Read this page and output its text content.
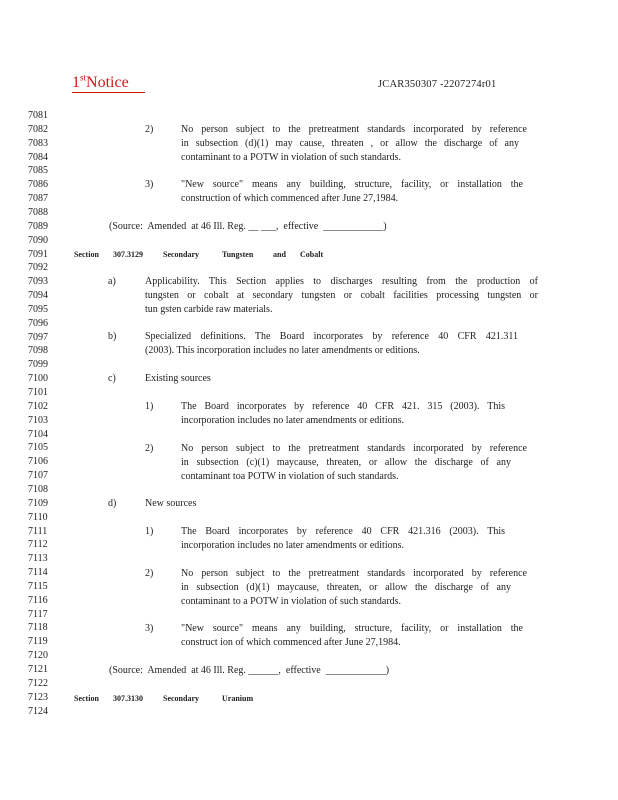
1stNotice	JCAR350307 -2207274r01
7081
7082
7083
7084
7085
7086
7087
7088
7089
7090
7091
7092
7093
7094
7095
7096
7097
7098
7099
7100
7101
7102
7103
7104
7105
7106
7107
7108
7109
7110
7111
7112
7113
7114
7115
7116
7117
7118
7119
7120
7121
7122
7123
7124
2)	No person subject to the pretreatment standards incorporated by reference
in subsection (d)(1) may cause, threaten , or allow the discharge of any
contaminant to a POTW in violation of such standards.
3)	"New source" means any building, structure, facility, or installation the
construction of which commenced after June 27,1984.
(Source:  Amended  at 46 Ill. Reg. __ ___,  effective  ____________)
Section 307.3129	Secondary	Tungsten and Cobalt
a)	Applicability. This Section applies to discharges resulting from the production of
tungsten or cobalt at secondary tungsten or cobalt facilities processing tungsten or
tun gsten carbide raw materials.
b)	Specialized definitions. The Board incorporates by reference 40 CFR 421.311
(2003). This incorporation includes no later amendments or editions.
c)	Existing sources
1)	The Board incorporates by reference 40 CFR 421. 315 (2003). This
incorporation includes no later amendments or editions.
2)	No person subject to the pretreatment standards incorporated by reference
in subsection (c)(1) maycause, threaten, or allow the discharge of any
contaminant toa POTW in violation of such standards.
d)	New sources
1)	The Board incorporates by reference 40 CFR 421.316 (2003). This
incorporation includes no later amendments or editions.
2)	No person subject to the pretreatment standards incorporated by reference
in subsection (d)(1) maycause, threaten, or allow the discharge of any
contaminant to a POTW in violation of such standards.
3)	"New source" means any building, structure, facility, or installation the
construct ion of which commenced after June 27,1984.
(Source:  Amended  at 46 Ill. Reg. ______,  effective  ____________)
Section 307.3130	Secondary	Uranium
